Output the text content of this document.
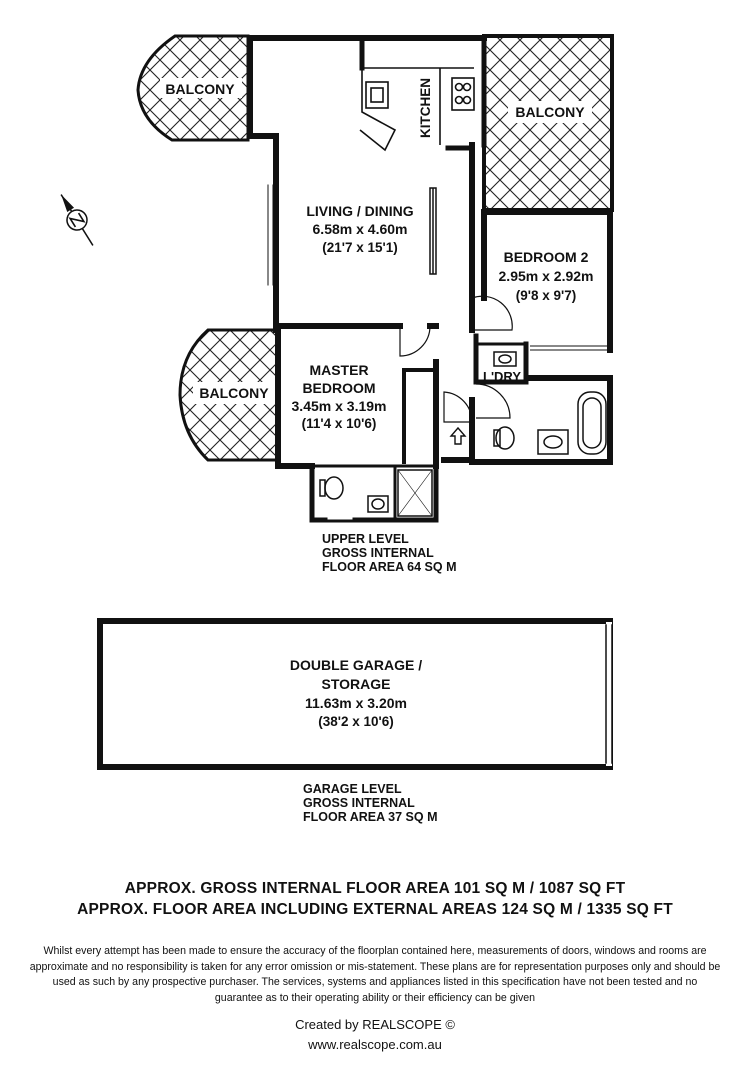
BALCONY
BALCONY
BALCONY
KITCHEN
LIVING / DINING
6.58m x 4.60m
(21'7 x 15'1)
BEDROOM 2
2.95m x 2.92m
(9'8 x 9'7)
MASTER
BEDROOM
3.45m x 3.19m
(11'4 x 10'6)
L'DRY
UPPER LEVEL
GROSS INTERNAL
FLOOR AREA 64 SQ M
DOUBLE GARAGE /
STORAGE
11.63m x 3.20m
(38'2 x 10'6)
GARAGE LEVEL
GROSS INTERNAL
FLOOR AREA 37 SQ M
APPROX. GROSS INTERNAL FLOOR AREA 101 SQ M / 1087 SQ FT
APPROX. FLOOR AREA INCLUDING EXTERNAL AREAS 124 SQ M / 1335 SQ FT
Whilst every attempt has been made to ensure the accuracy of the floorplan contained here, measurements of doors, windows and rooms are approximate and no responsibility is taken for any error omission or mis-statement. These plans are for representation purposes only and should be used as such by any prospective purchaser. The services, systems and appliances listed in this specification have not been tested and no guarantee as to their operating ability or their efficiency can be given
Created by REALSCOPE ©
www.realscope.com.au
